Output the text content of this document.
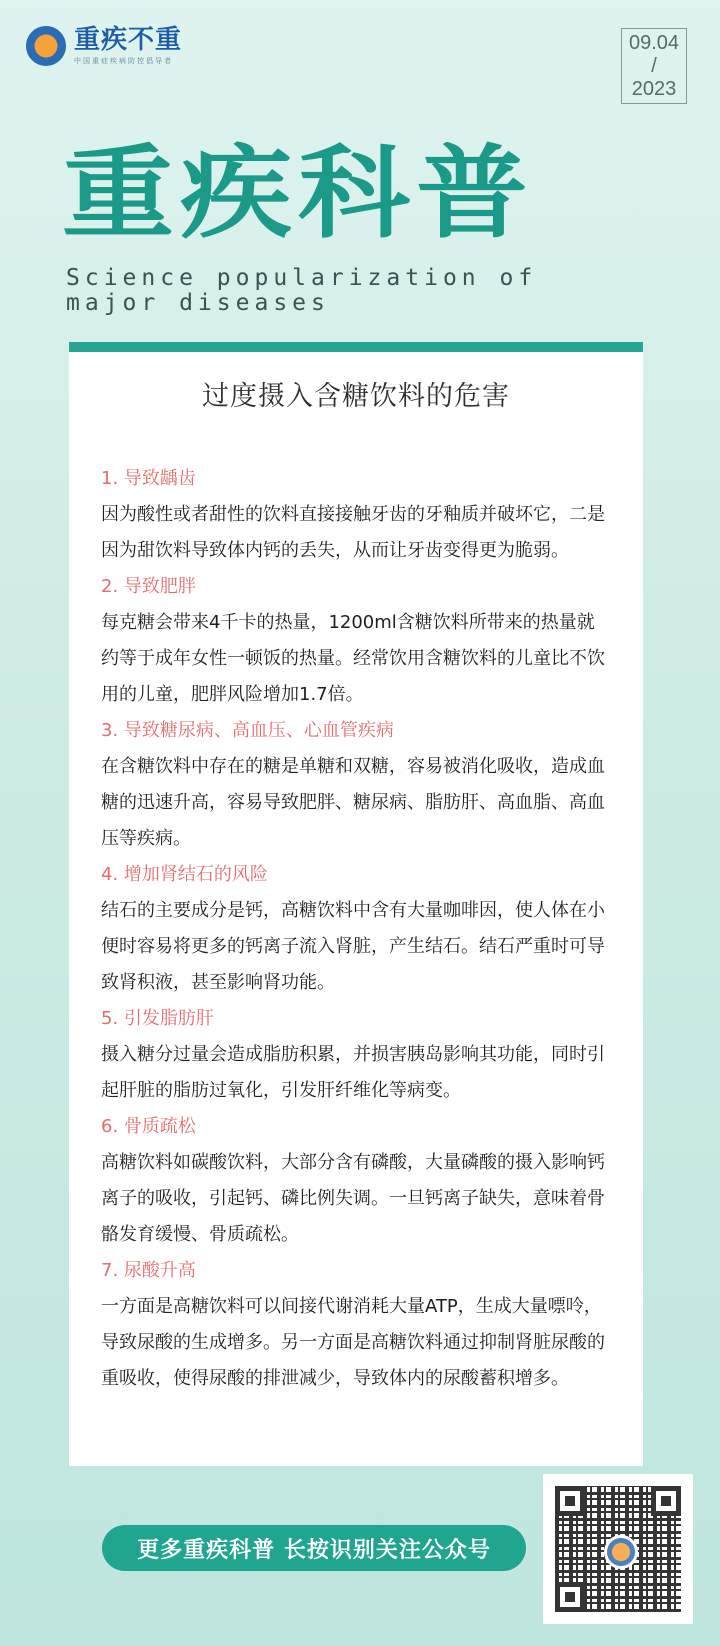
重疾不重
中国重症疾病防控倡导者
09.04
/
2023
重疾科普
Science popularization of major diseases
过度摄入含糖饮料的危害
1. 导致龋齿
因为酸性或者甜性的饮料直接接触牙齿的牙釉质并破坏它，二是因为甜饮料导致体内钙的丢失，从而让牙齿变得更为脆弱。
2. 导致肥胖
每克糖会带来4千卡的热量，1200ml含糖饮料所带来的热量就约等于成年女性一顿饭的热量。经常饮用含糖饮料的儿童比不饮用的儿童，肥胖风险增加1.7倍。
3. 导致糖尿病、高血压、心血管疾病
在含糖饮料中存在的糖是单糖和双糖，容易被消化吸收，造成血糖的迅速升高，容易导致肥胖、糖尿病、脂肪肝、高血脂、高血压等疾病。
4. 增加肾结石的风险
结石的主要成分是钙，高糖饮料中含有大量咖啡因，使人体在小便时容易将更多的钙离子流入肾脏，产生结石。结石严重时可导致肾积液，甚至影响肾功能。
5. 引发脂肪肝
摄入糖分过量会造成脂肪积累，并损害胰岛影响其功能，同时引起肝脏的脂肪过氧化，引发肝纤维化等病变。
6. 骨质疏松
高糖饮料如碳酸饮料，大部分含有磷酸，大量磷酸的摄入影响钙离子的吸收，引起钙、磷比例失调。一旦钙离子缺失，意味着骨骼发育缓慢、骨质疏松。
7. 尿酸升高
一方面是高糖饮料可以间接代谢消耗大量ATP，生成大量嘌呤，导致尿酸的生成增多。另一方面是高糖饮料通过抑制肾脏尿酸的重吸收，使得尿酸的排泄减少，导致体内的尿酸蓄积增多。
更多重疾科普 长按识别关注公众号
